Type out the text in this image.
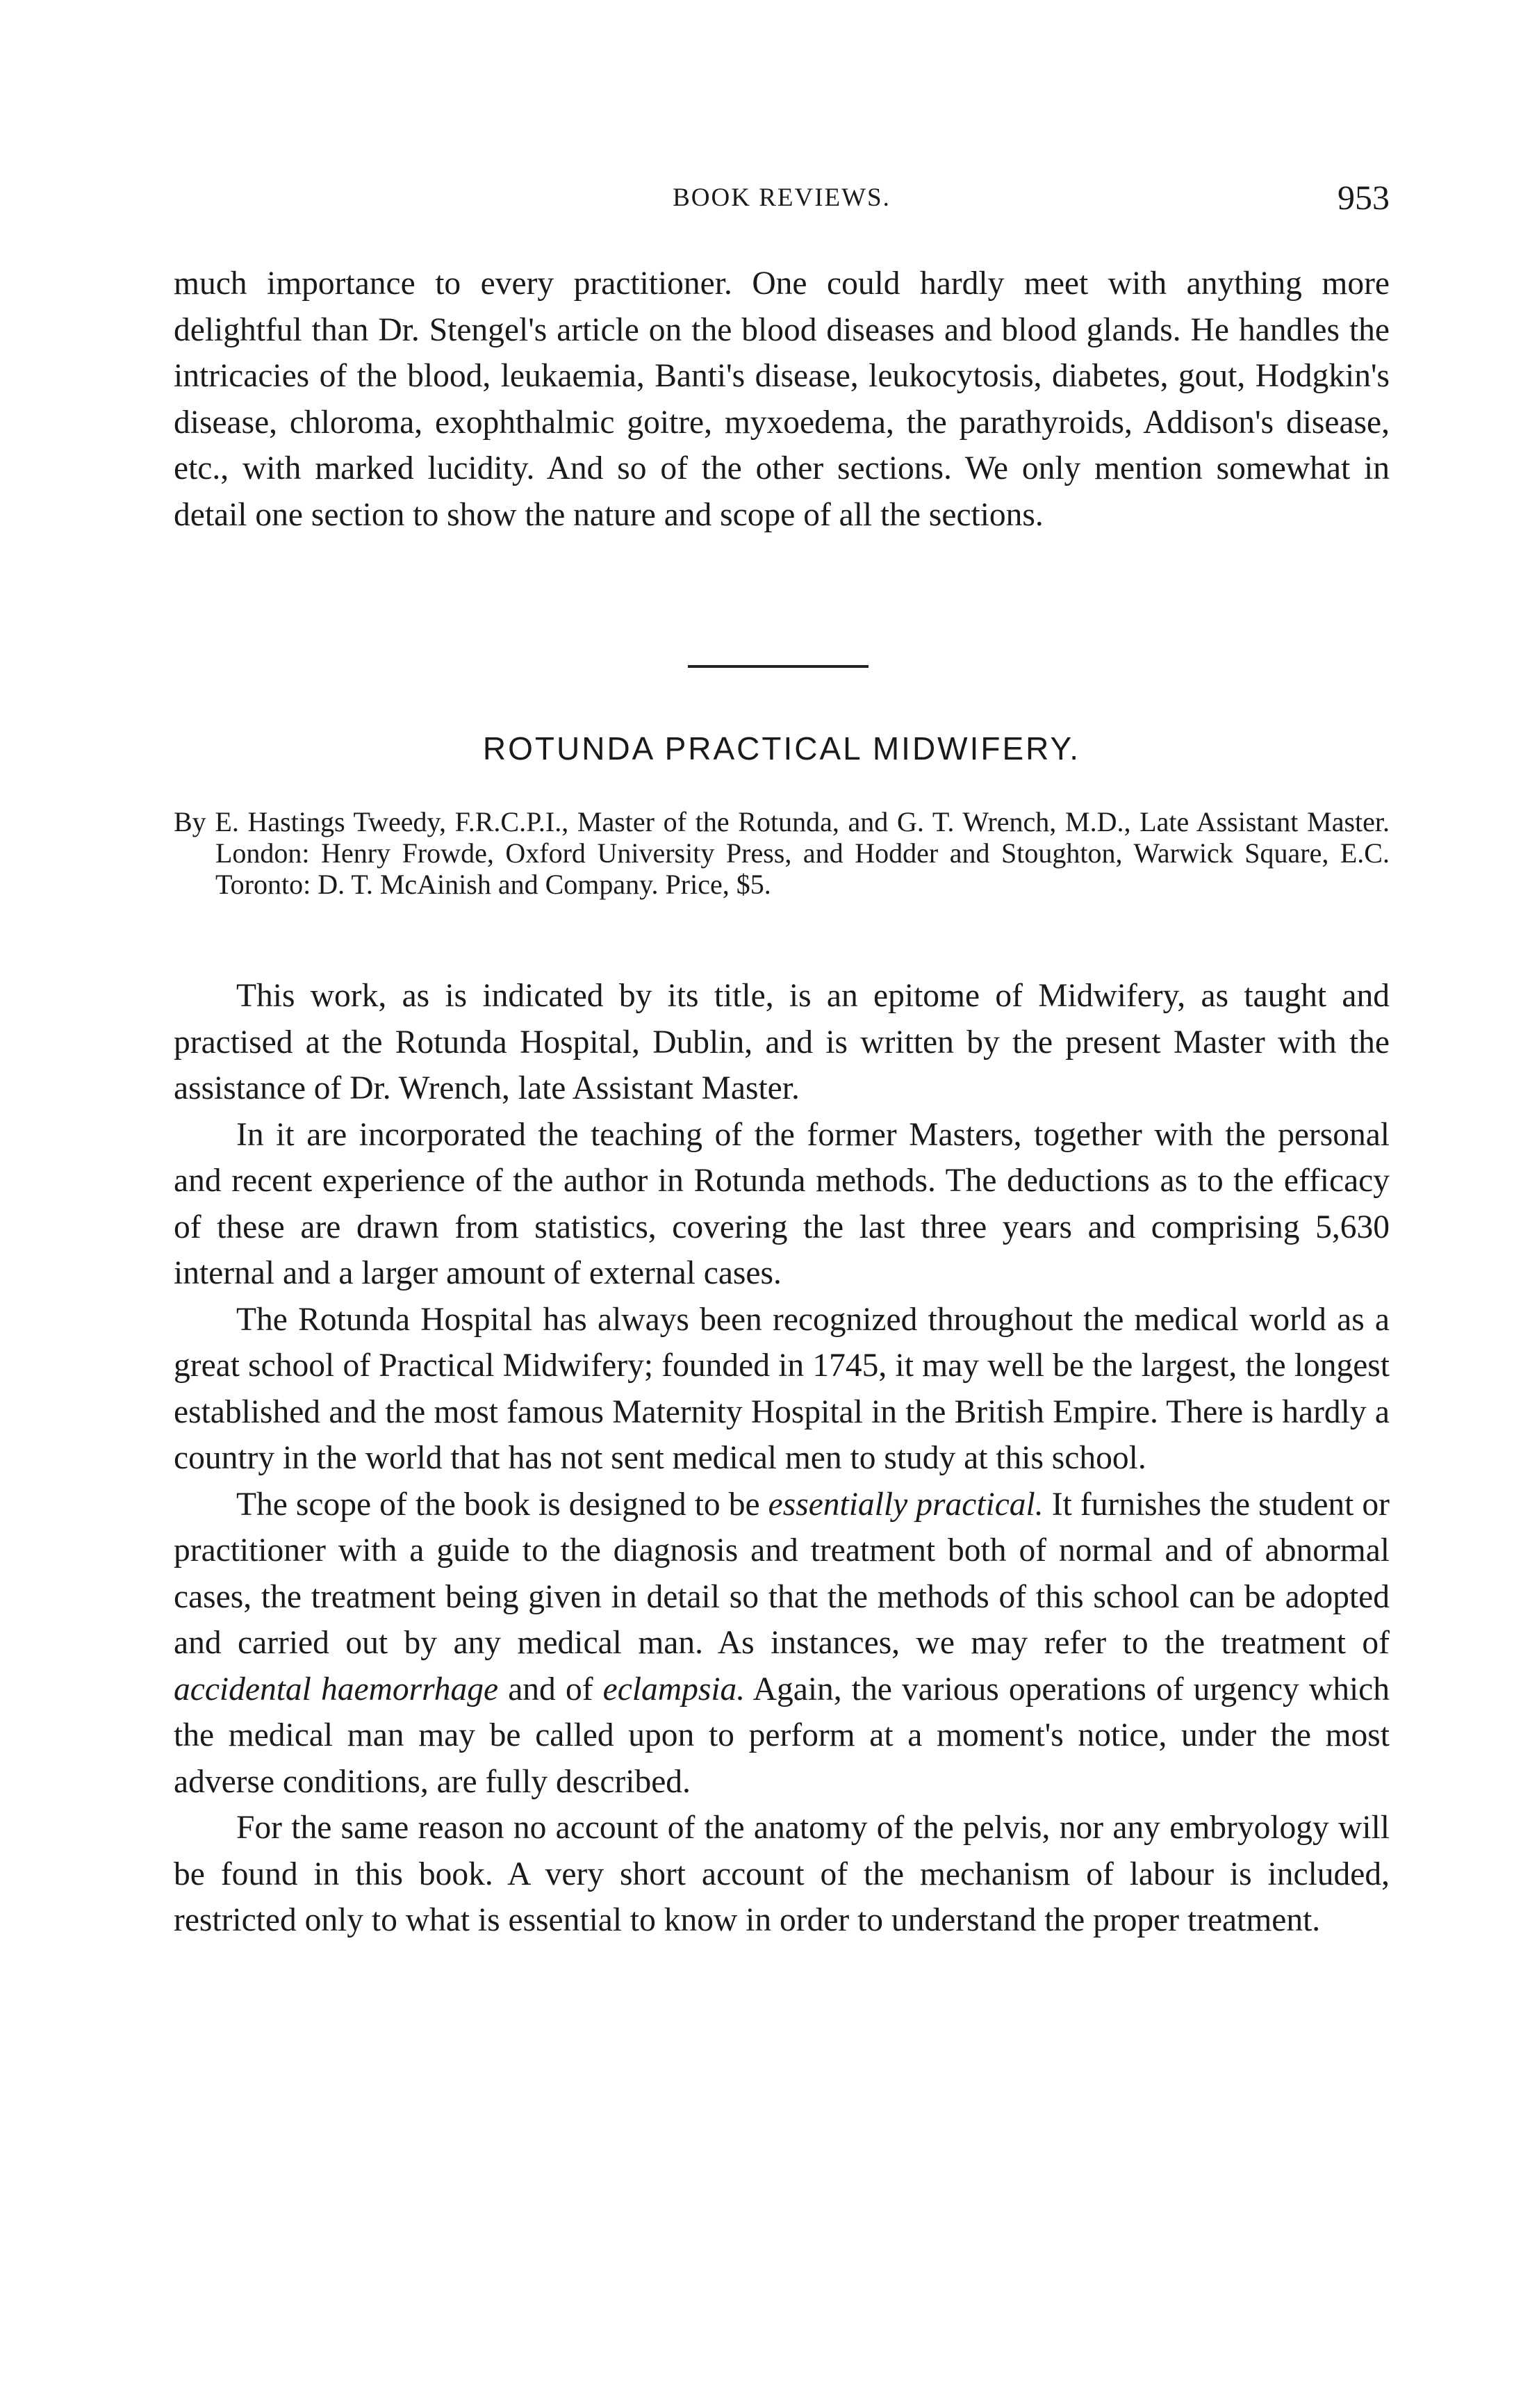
BOOK REVIEWS.	953

much importance to every practitioner. One could hardly meet with anything more delightful than Dr. Stengel's article on the blood diseases and blood glands. He handles the intricacies of the blood, leukaemia, Banti's disease, leukocytosis, diabetes, gout, Hodgkin's disease, chloroma, exophthalmic goitre, myxoedema, the parathyroids, Addison's disease, etc., with marked lucidity. And so of the other sections. We only mention somewhat in detail one section to show the nature and scope of all the sections.

ROTUNDA PRACTICAL MIDWIFERY.
By E. Hastings Tweedy, F.R.C.P.I., Master of the Rotunda, and G. T. Wrench, M.D., Late Assistant Master. London: Henry Frowde, Oxford University Press, and Hodder and Stoughton, Warwick Square, E.C. Toronto: D. T. McAinish and Company. Price, $5.

This work, as is indicated by its title, is an epitome of Midwifery, as taught and practised at the Rotunda Hospital, Dublin, and is written by the present Master with the assistance of Dr. Wrench, late Assistant Master.

In it are incorporated the teaching of the former Masters, together with the personal and recent experience of the author in Rotunda methods. The deductions as to the efficacy of these are drawn from statistics, covering the last three years and comprising 5,630 internal and a larger amount of external cases.

The Rotunda Hospital has always been recognized throughout the medical world as a great school of Practical Midwifery; founded in 1745, it may well be the largest, the longest established and the most famous Maternity Hospital in the British Empire. There is hardly a country in the world that has not sent medical men to study at this school.

The scope of the book is designed to be essentially practical. It furnishes the student or practitioner with a guide to the diagnosis and treatment both of normal and of abnormal cases, the treatment being given in detail so that the methods of this school can be adopted and carried out by any medical man. As instances, we may refer to the treatment of accidental haemorrhage and of eclampsia. Again, the various operations of urgency which the medical man may be called upon to perform at a moment's notice, under the most adverse conditions, are fully described.

For the same reason no account of the anatomy of the pelvis, nor any embryology will be found in this book. A very short account of the mechanism of labour is included, restricted only to what is essential to know in order to understand the proper treatment.
